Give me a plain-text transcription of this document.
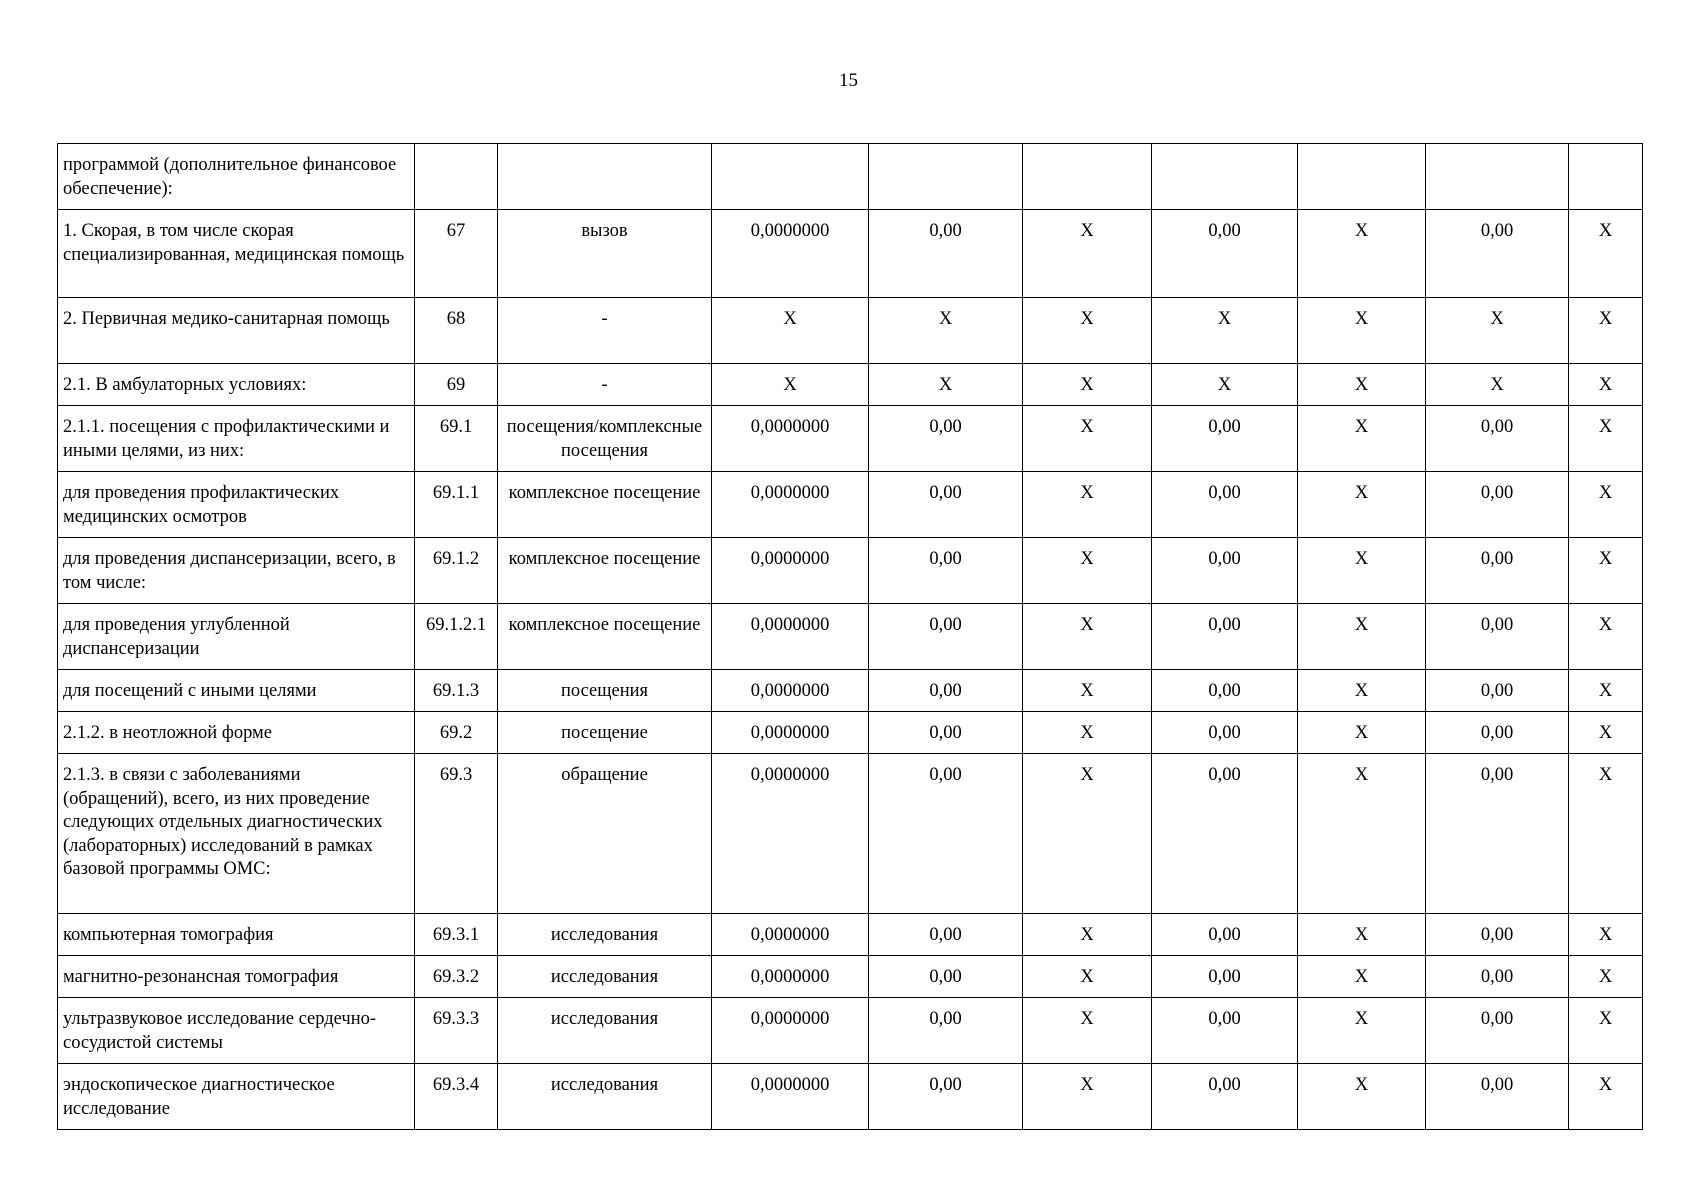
15
программой (дополнительное финансовое обеспечение):									
1. Скорая, в том числе скорая специализированная, медицинская помощь	67	вызов	0,0000000	0,00	X	0,00	X	0,00	X
2. Первичная медико-санитарная помощь	68	-	X	X	X	X	X	X	X
2.1. В амбулаторных условиях:	69	-	X	X	X	X	X	X	X
2.1.1. посещения с профилактическими и иными целями, из них:	69.1	посещения/комплексные посещения	0,0000000	0,00	X	0,00	X	0,00	X
для проведения профилактических медицинских осмотров	69.1.1	комплексное посещение	0,0000000	0,00	X	0,00	X	0,00	X
для проведения диспансеризации, всего, в том числе:	69.1.2	комплексное посещение	0,0000000	0,00	X	0,00	X	0,00	X
для проведения углубленной диспансеризации	69.1.2.1	комплексное посещение	0,0000000	0,00	X	0,00	X	0,00	X
для посещений с иными целями	69.1.3	посещения	0,0000000	0,00	X	0,00	X	0,00	X
2.1.2. в неотложной форме	69.2	посещение	0,0000000	0,00	X	0,00	X	0,00	X
2.1.3. в связи с заболеваниями (обращений), всего, из них проведение следующих отдельных диагностических (лабораторных) исследований в рамках базовой программы ОМС:	69.3	обращение	0,0000000	0,00	X	0,00	X	0,00	X
компьютерная томография	69.3.1	исследования	0,0000000	0,00	X	0,00	X	0,00	X
магнитно-резонансная томография	69.3.2	исследования	0,0000000	0,00	X	0,00	X	0,00	X
ультразвуковое исследование сердечно-сосудистой системы	69.3.3	исследования	0,0000000	0,00	X	0,00	X	0,00	X
эндоскопическое диагностическое исследование	69.3.4	исследования	0,0000000	0,00	X	0,00	X	0,00	X
